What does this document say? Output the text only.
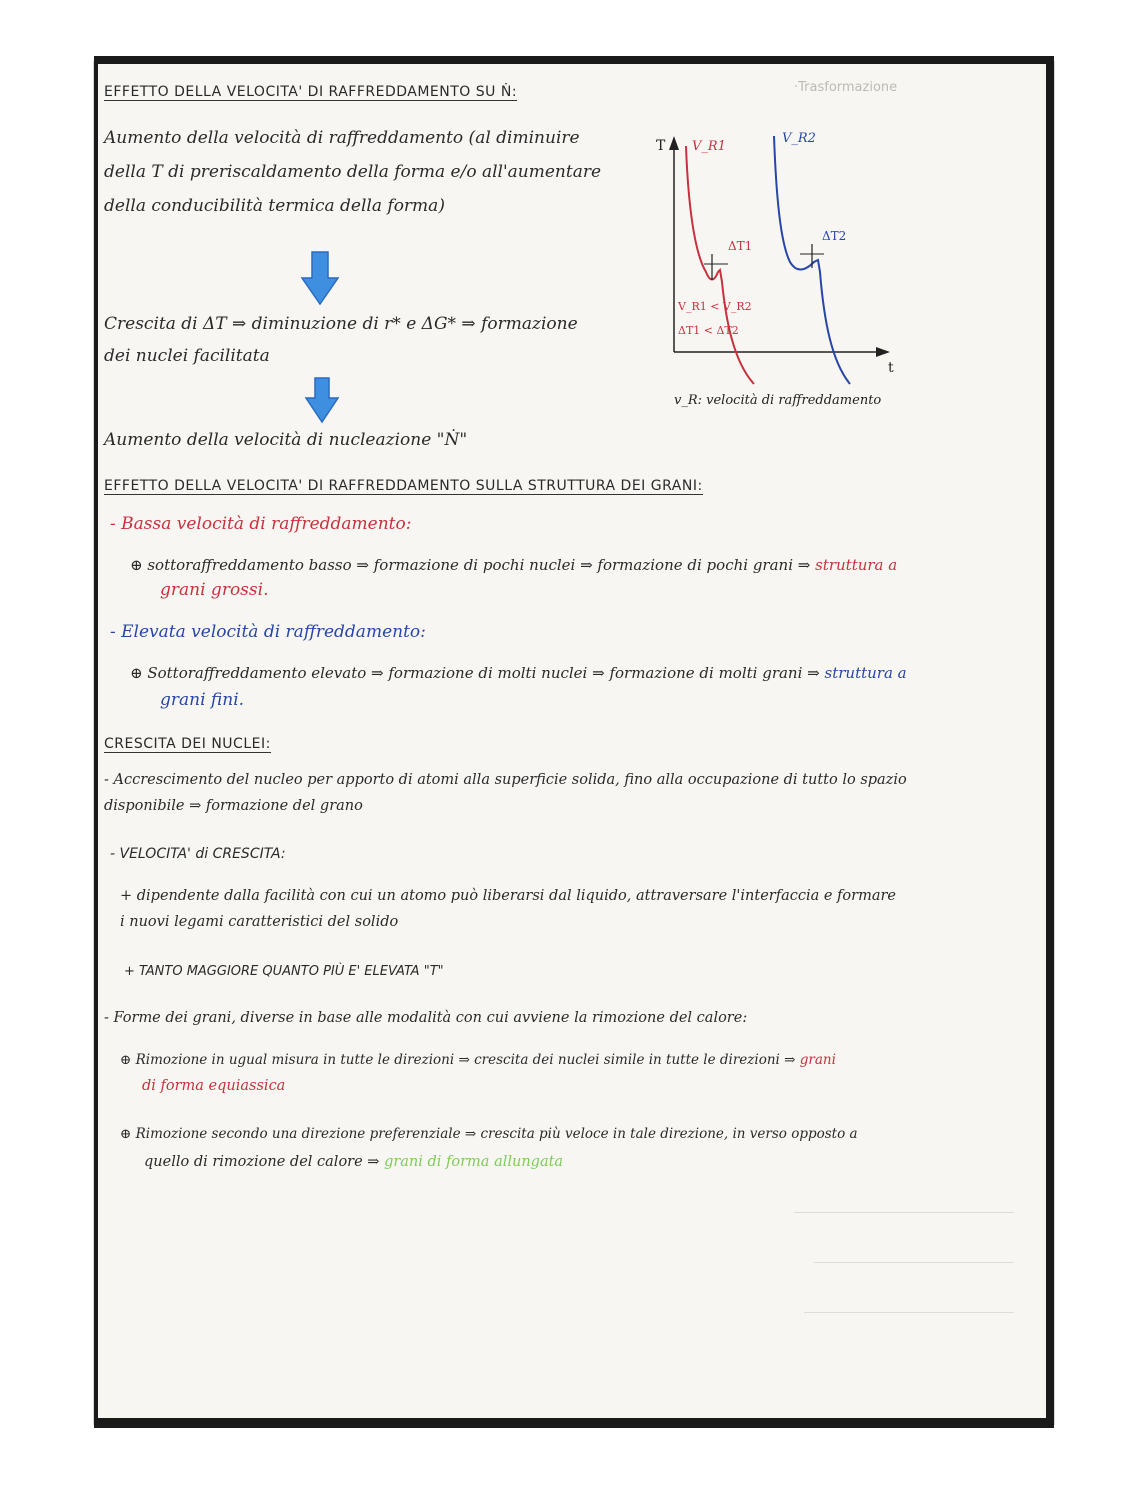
·Trasformazione
EFFETTO DELLA VELOCITA' DI RAFFREDDAMENTO SU Ṅ:
Aumento della velocità di raffreddamento (al diminuire
della T di preriscaldamento della forma e/o all'aumentare
della conducibilità termica della forma)
Crescita di ΔT ⇒ diminuzione di r* e ΔG* ⇒ formazione
dei nuclei facilitata
Aumento della velocità di nucleazione "Ṅ"
T
t
V_R1
V_R2
ΔT1
ΔT2
V_R1 < V_R2
ΔT1 < ΔT2
v_R: velocità di raffreddamento
EFFETTO DELLA VELOCITA' DI RAFFREDDAMENTO SULLA STRUTTURA DEI GRANI:
- Bassa velocità di raffreddamento:
⊕ sottoraffreddamento basso ⇒ formazione di pochi nuclei ⇒ formazione di pochi grani ⇒ struttura a
grani grossi.
- Elevata velocità di raffreddamento:
⊕ Sottoraffreddamento elevato ⇒ formazione di molti nuclei ⇒ formazione di molti grani ⇒ struttura a
grani fini.
CRESCITA DEI NUCLEI:
- Accrescimento del nucleo per apporto di atomi alla superficie solida, fino alla occupazione di tutto lo spazio
disponibile ⇒ formazione del grano
- VELOCITA' di CRESCITA:
+ dipendente dalla facilità con cui un atomo può liberarsi dal liquido, attraversare l'interfaccia e formare
i nuovi legami caratteristici del solido
+ TANTO MAGGIORE QUANTO PIÙ E' ELEVATA "T"
- Forme dei grani, diverse in base alle modalità con cui avviene la rimozione del calore:
⊕ Rimozione in ugual misura in tutte le direzioni ⇒ crescita dei nuclei simile in tutte le direzioni ⇒ grani
di forma equiassica
⊕ Rimozione secondo una direzione preferenziale ⇒ crescita più veloce in tale direzione, in verso opposto a
quello di rimozione del calore ⇒ grani di forma allungata
